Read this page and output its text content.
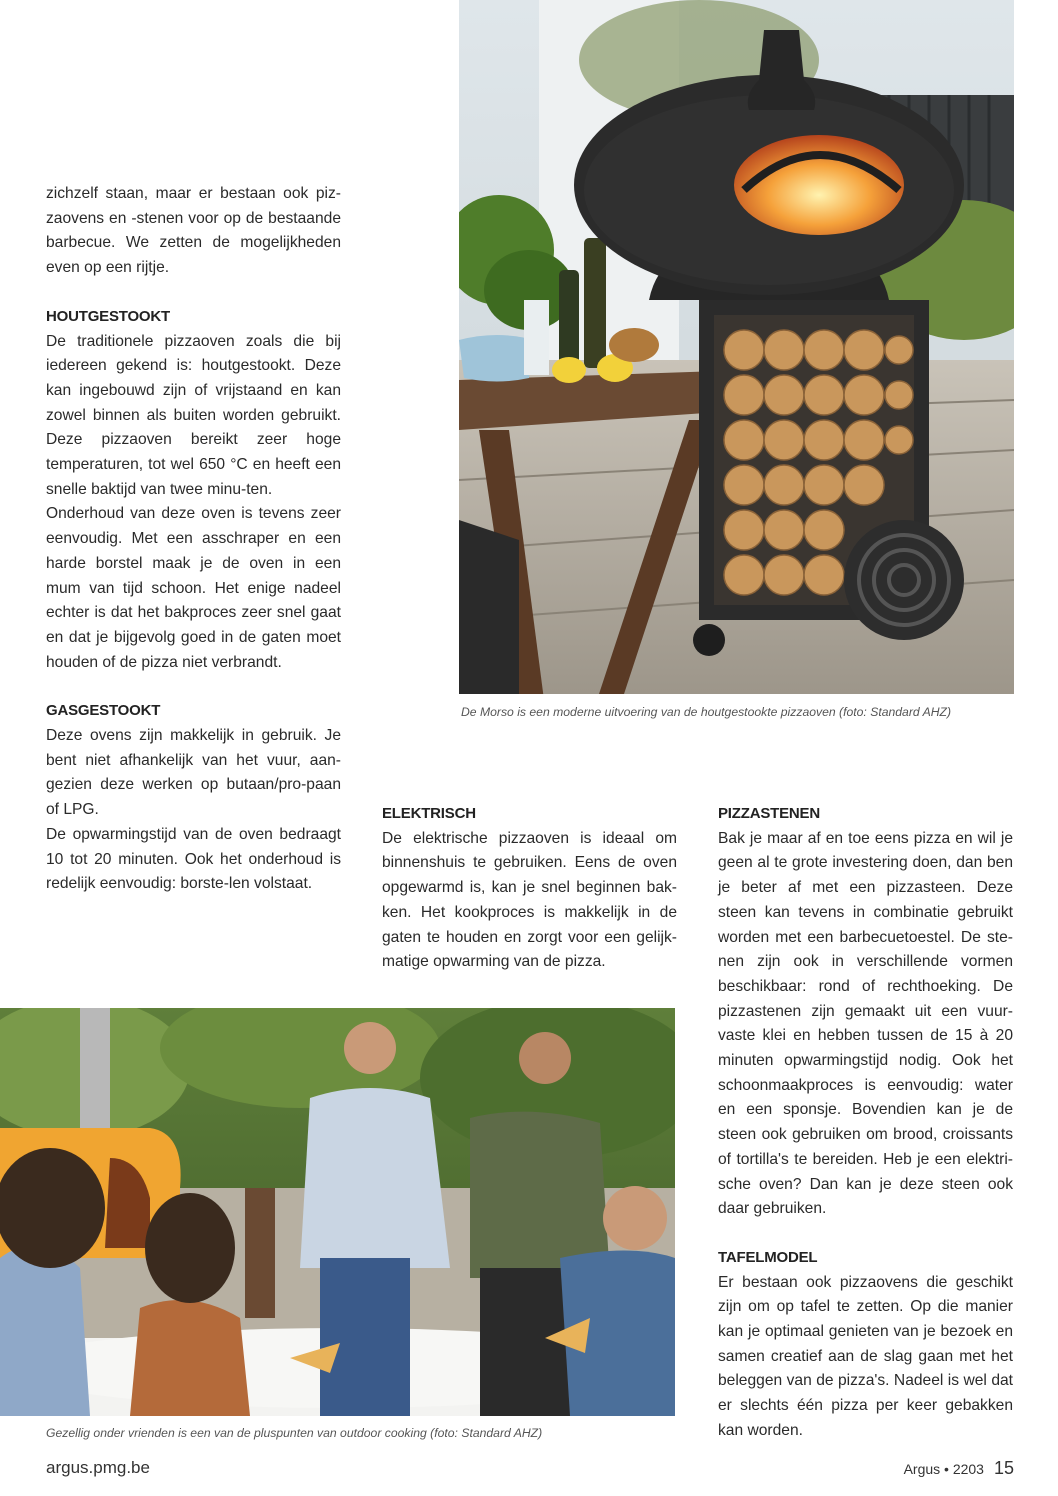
De Morso is een moderne uitvoering van de houtgestookte pizzaoven (foto: Standard AHZ)

zichzelf staan, maar er bestaan ook piz-zaovens en -stenen voor op de bestaande barbecue. We zetten de mogelijkheden even op een rijtje.

HOUTGESTOOKT

De traditionele pizzaoven zoals die bij iedereen gekend is: houtgestookt. Deze kan ingebouwd zijn of vrijstaand en kan zowel binnen als buiten worden gebruikt. Deze pizzaoven bereikt zeer hoge temperaturen, tot wel 650 °C en heeft een snelle baktijd van twee minu-ten.

Onderhoud van deze oven is tevens zeer eenvoudig. Met een asschraper en een harde borstel maak je de oven in een mum van tijd schoon. Het enige nadeel echter is dat het bakproces zeer snel gaat en dat je bijgevolg goed in de gaten moet houden of de pizza niet verbrandt.

GASGESTOOKT

Deze ovens zijn makkelijk in gebruik. Je bent niet afhankelijk van het vuur, aan-gezien deze werken op butaan/pro-paan of LPG.

De opwarmingstijd van de oven bedraagt 10 tot 20 minuten. Ook het onderhoud is redelijk eenvoudig: borste-len volstaat.

ELEKTRISCH

De elektrische pizzaoven is ideaal om binnenshuis te gebruiken. Eens de oven opgewarmd is, kan je snel beginnen bak-ken. Het kookproces is makkelijk in de gaten te houden en zorgt voor een gelijk-matige opwarming van de pizza.

PIZZASTENEN

Bak je maar af en toe eens pizza en wil je geen al te grote investering doen, dan ben je beter af met een pizzasteen. Deze steen kan tevens in combinatie gebruikt worden met een barbecuetoestel. De ste-nen zijn ook in verschillende vormen beschikbaar: rond of rechthoeking. De pizzastenen zijn gemaakt uit een vuur-vaste klei en hebben tussen de 15 à 20 minuten opwarmingstijd nodig. Ook het schoonmaakproces is eenvoudig: water en een sponsje. Bovendien kan je de steen ook gebruiken om brood, croissants of tortilla's te bereiden. Heb je een elektri-sche oven? Dan kan je deze steen ook daar gebruiken.

TAFELMODEL

Er bestaan ook pizzaovens die geschikt zijn om op tafel te zetten. Op die manier kan je optimaal genieten van je bezoek en samen creatief aan de slag gaan met het beleggen van de pizza's. Nadeel is wel dat er slechts één pizza per keer gebakken kan worden.

Gezellig onder vrienden is een van de pluspunten van outdoor cooking (foto: Standard AHZ)
argus.pmg.be	Argus • 2203 15
